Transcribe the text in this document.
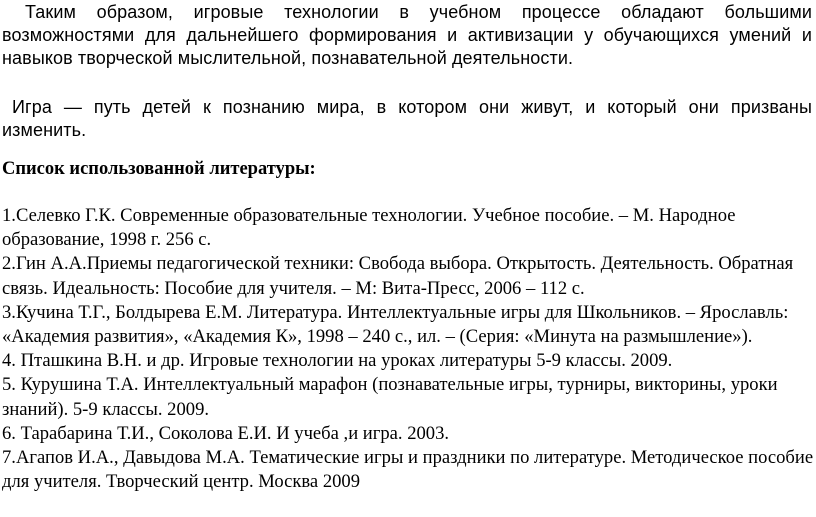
Таким образом, игровые технологии в учебном процессе обладают большими возможностями для дальнейшего формирования и активизации у обучающихся умений и навыков творческой мыслительной, познавательной деятельности.

Игра — путь детей к познанию мира, в котором они живут, и который они призваны изменить.

Список использованной литературы:
1.Селевко Г.К. Современные образовательные технологии. Учебное пособие. – М. Народное образование, 1998 г. 256 с.
2.Гин А.А.Приемы педагогической техники: Свобода выбора. Открытость. Деятельность. Обратная связь. Идеальность: Пособие для учителя. – М: Вита-Пресс, 2006 – 112 с.
3.Кучина Т.Г., Болдырева Е.М. Литература. Интеллектуальные игры для Школьников. – Ярославль: «Академия развития», «Академия К», 1998 – 240 с., ил. – (Серия: «Минута на размышление»).
4. Пташкина В.Н. и др. Игровые технологии на уроках литературы 5-9 классы. 2009.
5. Курушина Т.А. Интеллектуальный марафон (познавательные игры, турниры, викторины, уроки знаний). 5-9 классы. 2009.
6. Тарабарина Т.И., Соколова Е.И. И учеба ,и игра. 2003.
7.Агапов И.А., Давыдова М.А. Тематические игры и праздники по литературе. Методическое пособие для учителя. Творческий центр. Москва 2009
